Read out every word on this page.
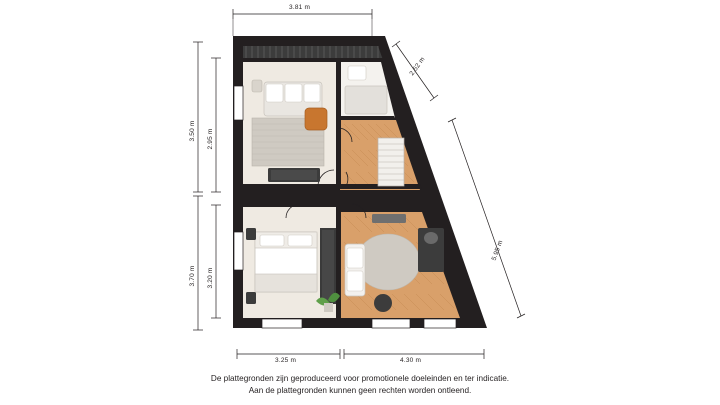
3.81 m
3.50 m 2.95 m
3.70 m 3.20 m
2.52 m
5.95 m
3.25 m	4.30 m
De plattegronden zijn geproduceerd voor promotionele doeleinden en ter indicatie.
Aan de plattegronden kunnen geen rechten worden ontleend.
